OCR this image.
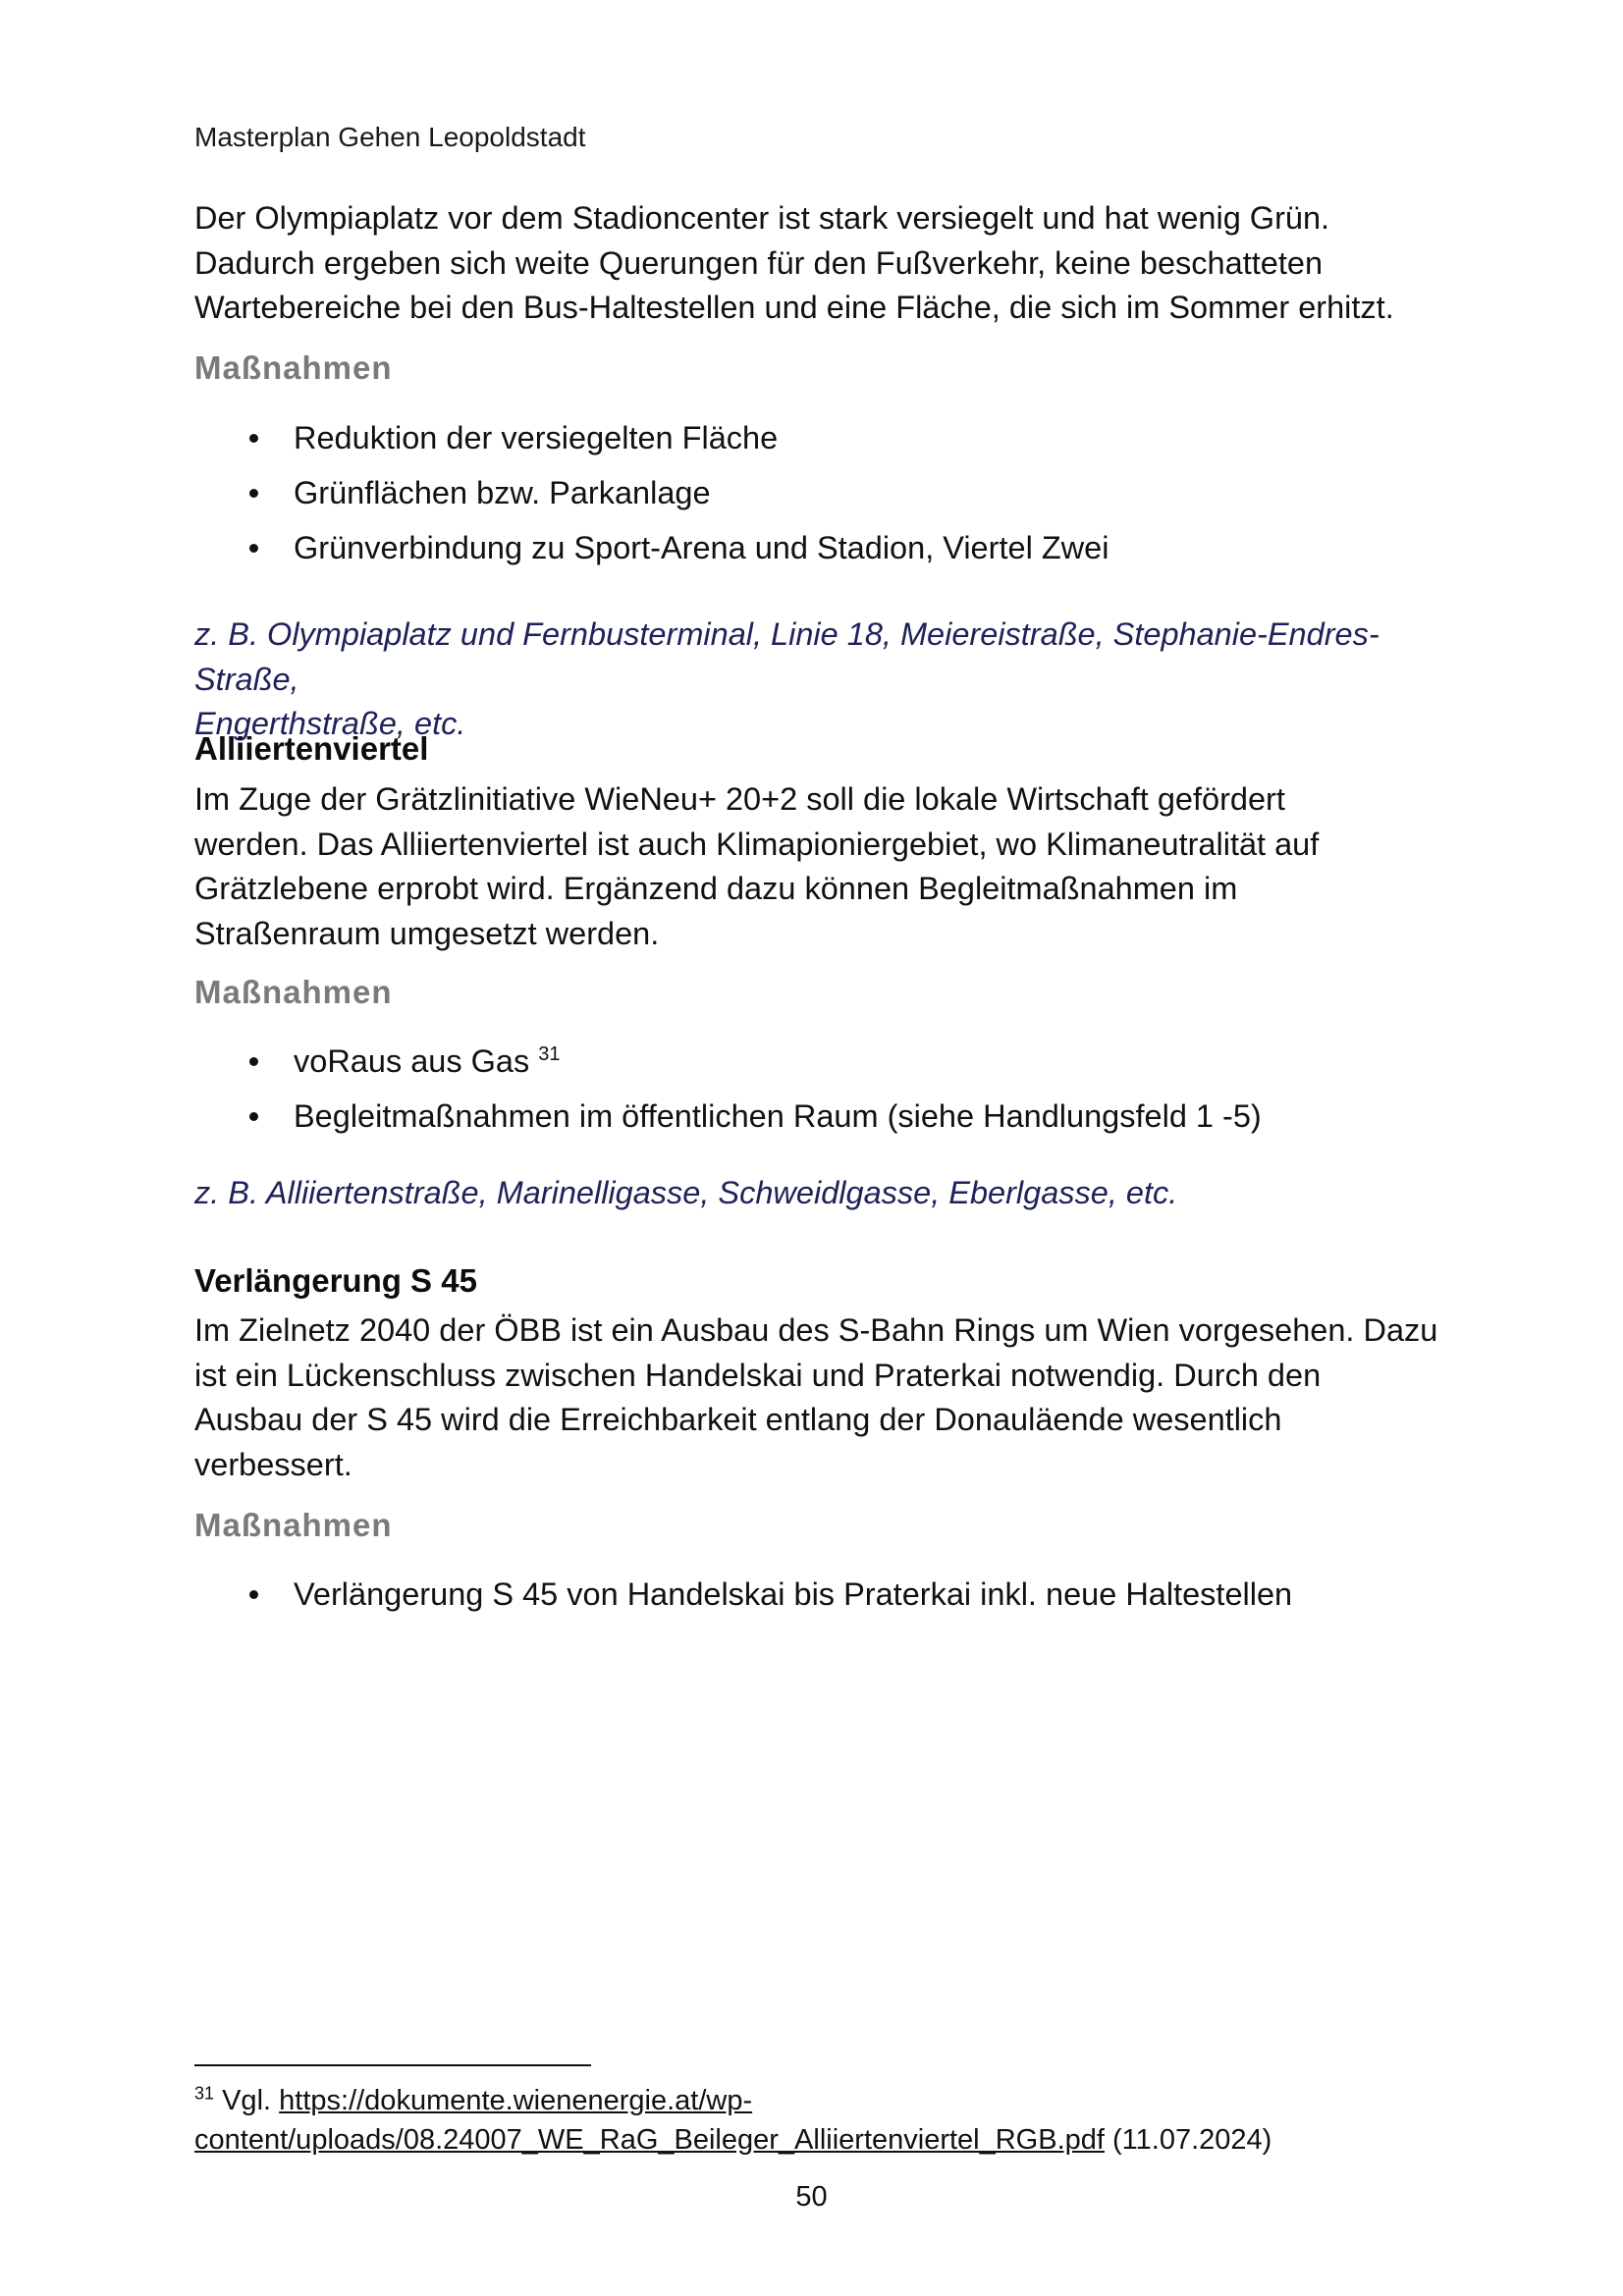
Masterplan Gehen Leopoldstadt
Der Olympiaplatz vor dem Stadioncenter ist stark versiegelt und hat wenig Grün.
Dadurch ergeben sich weite Querungen für den Fußverkehr, keine beschatteten
Wartebereiche bei den Bus-Haltestellen und eine Fläche, die sich im Sommer erhitzt.
Maßnahmen
Reduktion der versiegelten Fläche
Grünflächen bzw. Parkanlage
Grünverbindung zu Sport-Arena und Stadion, Viertel Zwei
z. B. Olympiaplatz und Fernbusterminal, Linie 18, Meiereistraße, Stephanie-Endres-Straße,
Engerthstraße, etc.
Alliiertenviertel
Im Zuge der Grätzlinitiative WieNeu+ 20+2 soll die lokale Wirtschaft gefördert
werden. Das Alliiertenviertel ist auch Klimapioniergebiet, wo Klimaneutralität auf
Grätzlebene erprobt wird. Ergänzend dazu können Begleitmaßnahmen im
Straßenraum umgesetzt werden.
Maßnahmen
voRaus aus Gas $^{31}$
Begleitmaßnahmen im öffentlichen Raum (siehe Handlungsfeld 1 -5)
z. B. Alliiertenstraße, Marinelligasse, Schweidlgasse, Eberlgasse, etc.
Verlängerung S 45
Im Zielnetz 2040 der ÖBB ist ein Ausbau des S-Bahn Rings um Wien vorgesehen. Dazu
ist ein Lückenschluss zwischen Handelskai und Praterkai notwendig. Durch den
Ausbau der S 45 wird die Erreichbarkeit entlang der Donauläende wesentlich
verbessert.
Maßnahmen
Verlängerung S 45 von Handelskai bis Praterkai inkl. neue Haltestellen
$^{31}$ Vgl. https://dokumente.wienenergie.at/wp-
content/uploads/08.24007_WE_RaG_Beileger_Alliiertenviertel_RGB.pdf (11.07.2024)
50
